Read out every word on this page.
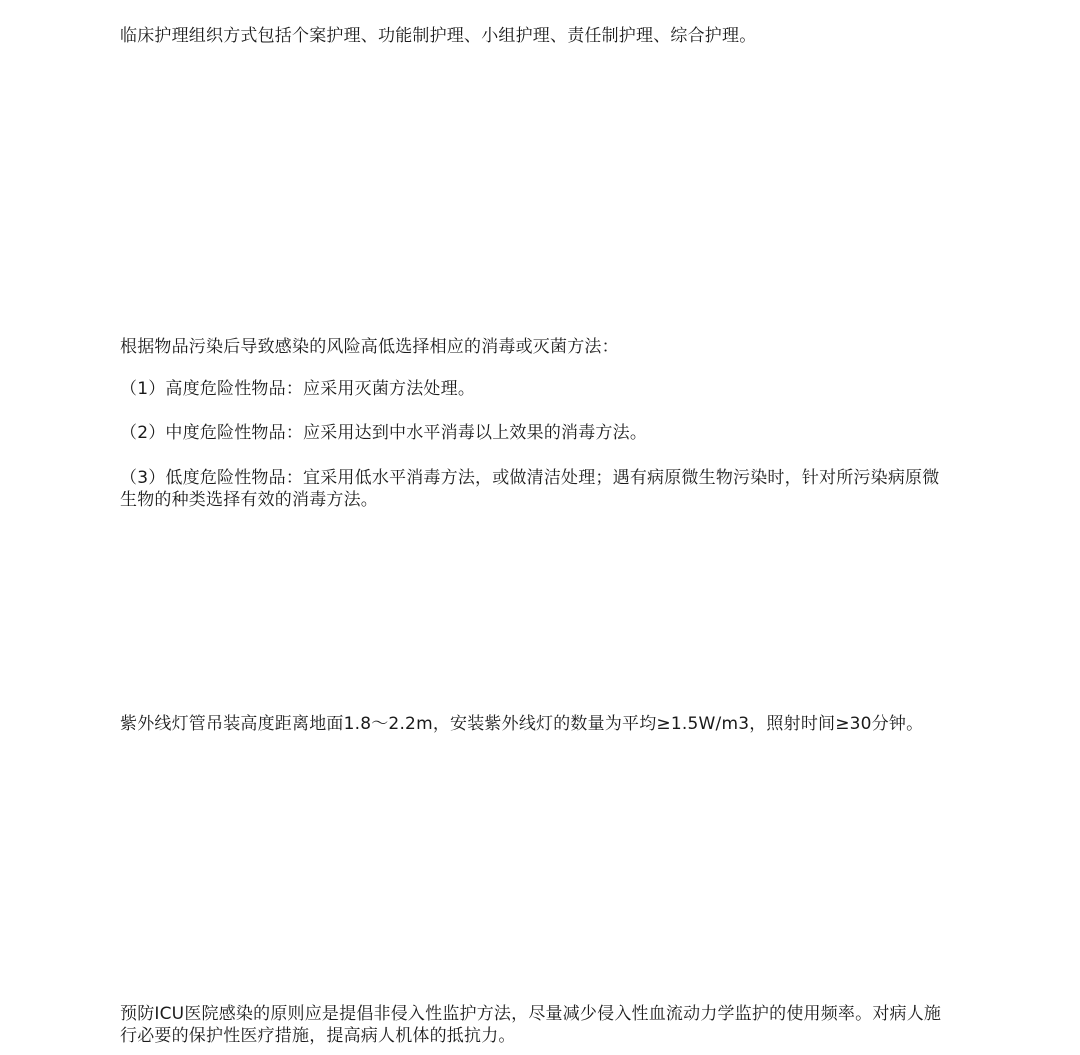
临床护理组织方式包括个案护理、功能制护理、小组护理、责任制护理、综合护理。

根据物品污染后导致感染的风险高低选择相应的消毒或灭菌方法：

（1）高度危险性物品：应采用灭菌方法处理。

（2）中度危险性物品：应采用达到中水平消毒以上效果的消毒方法。

（3）低度危险性物品：宜采用低水平消毒方法，或做清洁处理；遇有病原微生物污染时，针对所污染病原微生物的种类选择有效的消毒方法。

紫外线灯管吊装高度距离地面1.8～2.2m，安装紫外线灯的数量为平均≥1.5W/m3，照射时间≥30分钟。

预防ICU医院感染的原则应是提倡非侵入性监护方法，尽量减少侵入性血流动力学监护的使用频率。对病人施行必要的保护性医疗措施，提高病人机体的抵抗力。
